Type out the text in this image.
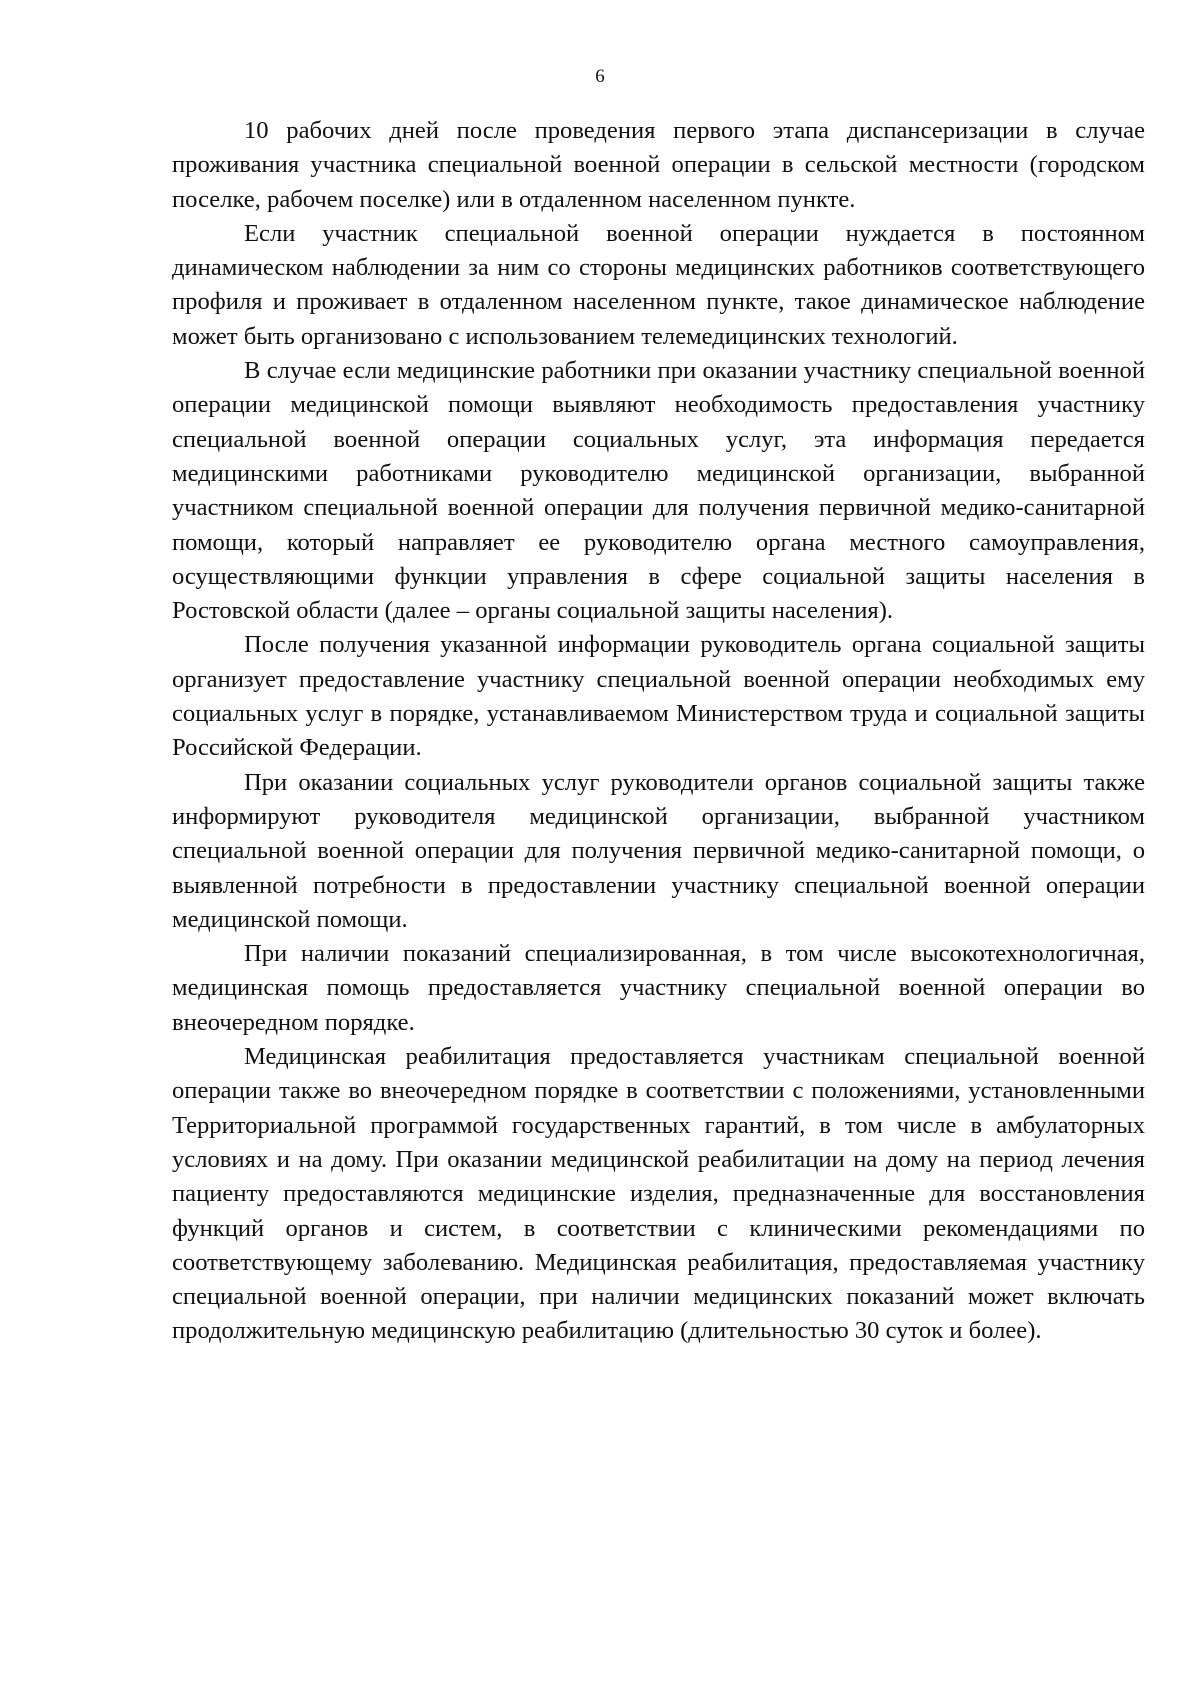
6

10 рабочих дней после проведения первого этапа диспансеризации в случае проживания участника специальной военной операции в сельской местности (городском поселке, рабочем поселке) или в отдаленном населенном пункте.

Если участник специальной военной операции нуждается в постоянном динамическом наблюдении за ним со стороны медицинских работников соответствующего профиля и проживает в отдаленном населенном пункте, такое динамическое наблюдение может быть организовано с использованием телемедицинских технологий.

В случае если медицинские работники при оказании участнику специальной военной операции медицинской помощи выявляют необходимость предоставления участнику специальной военной операции социальных услуг, эта информация передается медицинскими работниками руководителю медицинской организации, выбранной участником специальной военной операции для получения первичной медико-санитарной помощи, который направляет ее руководителю органа местного самоуправления, осуществляющими функции управления в сфере социальной защиты населения в Ростовской области (далее – органы социальной защиты населения).

После получения указанной информации руководитель органа социальной защиты организует предоставление участнику специальной военной операции необходимых ему социальных услуг в порядке, устанавливаемом Министерством труда и социальной защиты Российской Федерации.

При оказании социальных услуг руководители органов социальной защиты также информируют руководителя медицинской организации, выбранной участником специальной военной операции для получения первичной медико-санитарной помощи, о выявленной потребности в предоставлении участнику специальной военной операции медицинской помощи.

При наличии показаний специализированная, в том числе высокотехнологичная, медицинская помощь предоставляется участнику специальной военной операции во внеочередном порядке.

Медицинская реабилитация предоставляется участникам специальной военной операции также во внеочередном порядке в соответствии с положениями, установленными Территориальной программой государственных гарантий, в том числе в амбулаторных условиях и на дому. При оказании медицинской реабилитации на дому на период лечения пациенту предоставляются медицинские изделия, предназначенные для восстановления функций органов и систем, в соответствии с клиническими рекомендациями по соответствующему заболеванию. Медицинская реабилитация, предоставляемая участнику специальной военной операции, при наличии медицинских показаний может включать продолжительную медицинскую реабилитацию (длительностью 30 суток и более).
